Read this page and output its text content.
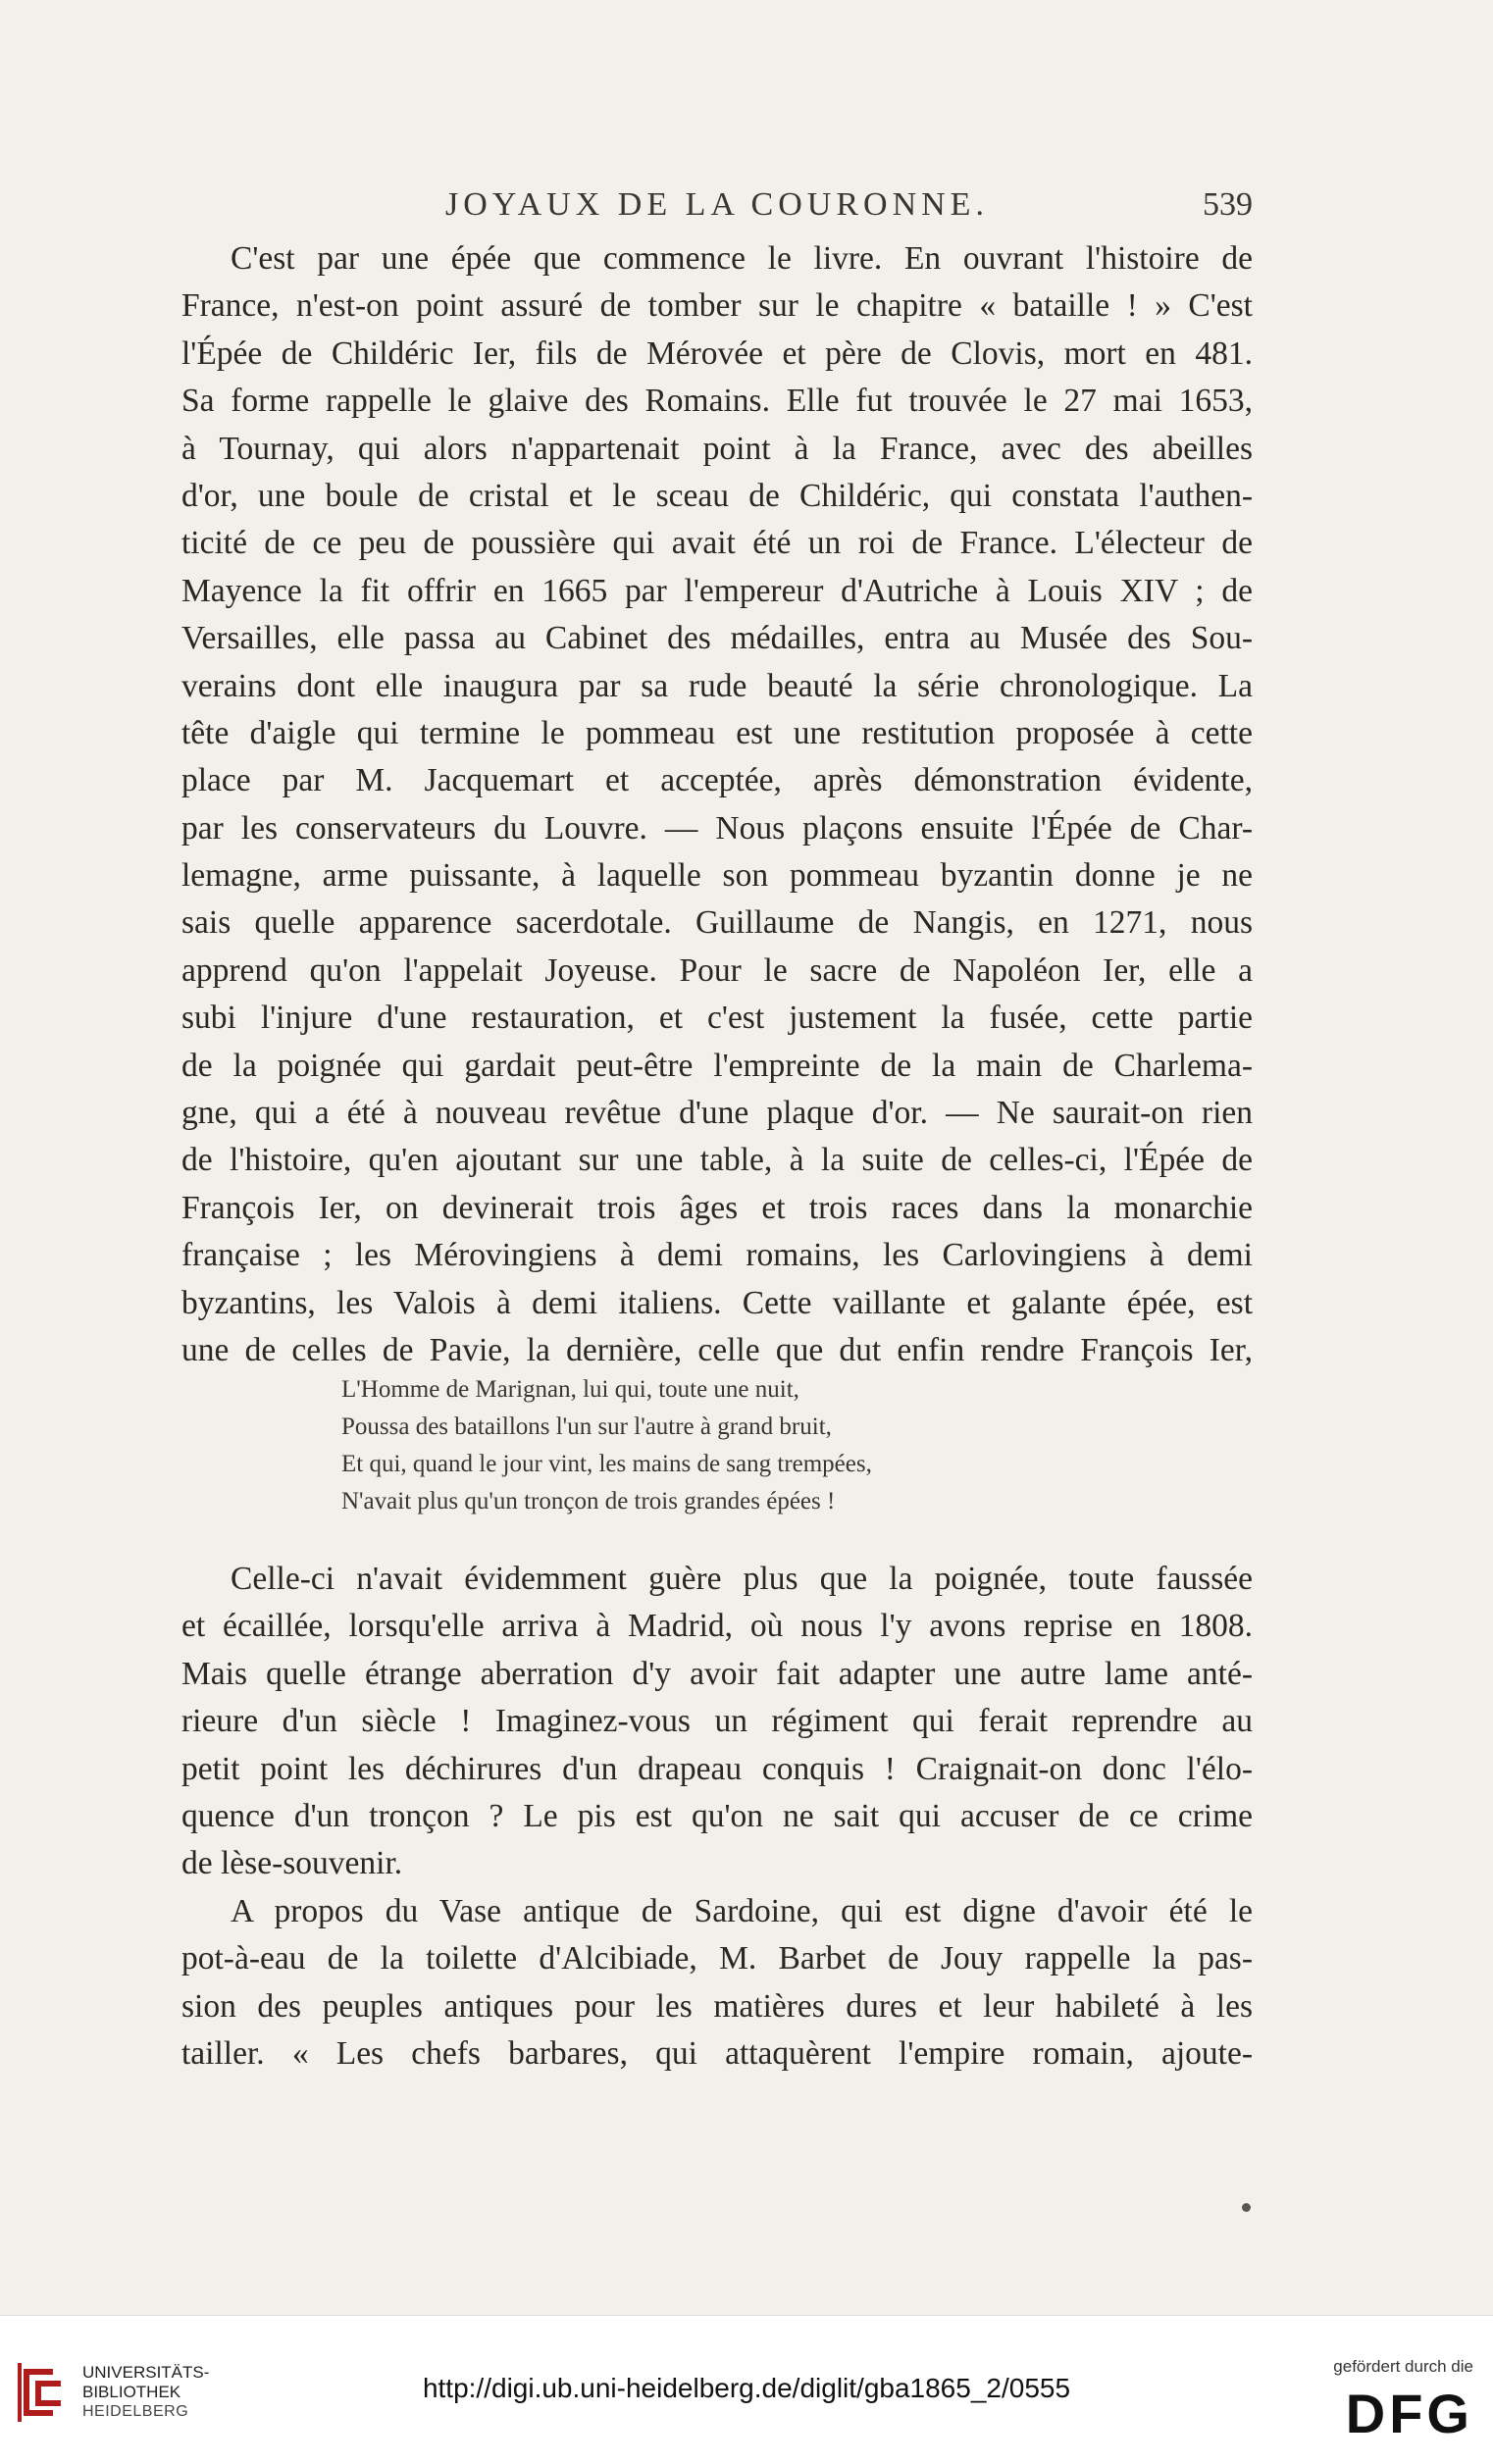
JOYAUX DE LA COURONNE.	539
C'est par une épée que commence le livre. En ouvrant l'histoire de
France, n'est-on point assuré de tomber sur le chapitre « bataille ! » C'est
l'Épée de Childéric Ier, fils de Mérovée et père de Clovis, mort en 481.
Sa forme rappelle le glaive des Romains. Elle fut trouvée le 27 mai 1653,
à Tournay, qui alors n'appartenait point à la France, avec des abeilles
d'or, une boule de cristal et le sceau de Childéric, qui constata l'authen-
ticité de ce peu de poussière qui avait été un roi de France. L'électeur de
Mayence la fit offrir en 1665 par l'empereur d'Autriche à Louis XIV ; de
Versailles, elle passa au Cabinet des médailles, entra au Musée des Sou-
verains dont elle inaugura par sa rude beauté la série chronologique. La
tête d'aigle qui termine le pommeau est une restitution proposée à cette
place par M. Jacquemart et acceptée, après démonstration évidente,
par les conservateurs du Louvre. — Nous plaçons ensuite l'Épée de Char-
lemagne, arme puissante, à laquelle son pommeau byzantin donne je ne
sais quelle apparence sacerdotale. Guillaume de Nangis, en 1271, nous
apprend qu'on l'appelait Joyeuse. Pour le sacre de Napoléon Ier, elle a
subi l'injure d'une restauration, et c'est justement la fusée, cette partie
de la poignée qui gardait peut-être l'empreinte de la main de Charlema-
gne, qui a été à nouveau revêtue d'une plaque d'or. — Ne saurait-on rien
de l'histoire, qu'en ajoutant sur une table, à la suite de celles-ci, l'Épée de
François Ier, on devinerait trois âges et trois races dans la monarchie
française ; les Mérovingiens à demi romains, les Carlovingiens à demi
byzantins, les Valois à demi italiens. Cette vaillante et galante épée, est
une de celles de Pavie, la dernière, celle que dut enfin rendre François Ier,
L'Homme de Marignan, lui qui, toute une nuit,
Poussa des bataillons l'un sur l'autre à grand bruit,
Et qui, quand le jour vint, les mains de sang trempées,
N'avait plus qu'un tronçon de trois grandes épées !
Celle-ci n'avait évidemment guère plus que la poignée, toute faussée
et écaillée, lorsqu'elle arriva à Madrid, où nous l'y avons reprise en 1808.
Mais quelle étrange aberration d'y avoir fait adapter une autre lame anté-
rieure d'un siècle ! Imaginez-vous un régiment qui ferait reprendre au
petit point les déchirures d'un drapeau conquis ! Craignait-on donc l'élo-
quence d'un tronçon ? Le pis est qu'on ne sait qui accuser de ce crime
de lèse-souvenir.
A propos du Vase antique de Sardoine, qui est digne d'avoir été le
pot-à-eau de la toilette d'Alcibiade, M. Barbet de Jouy rappelle la pas-
sion des peuples antiques pour les matières dures et leur habileté à les
tailler. « Les chefs barbares, qui attaquèrent l'empire romain, ajoute-
UNIVERSITÄTS-
BIBLIOTHEK
HEIDELBERG
http://digi.ub.uni-heidelberg.de/diglit/gba1865_2/0555
gefördert durch die
DFG
